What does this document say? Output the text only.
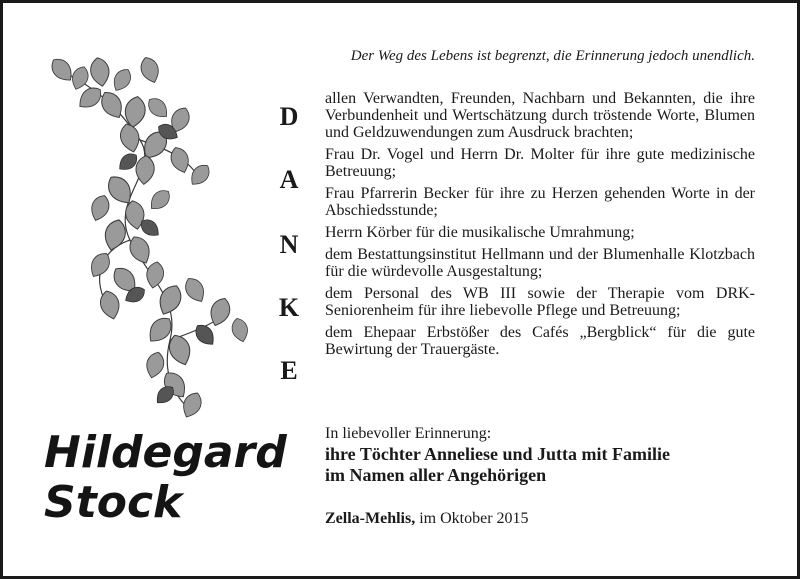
Der Weg des Lebens ist begrenzt, die Erinnerung jedoch unendlich.
D
A
N
K
E
allen Verwandten, Freunden, Nachbarn und Bekannten, die ihre Verbundenheit und Wertschätzung durch tröstende Worte, Blumen und Geldzuwendungen zum Ausdruck brachten;
Frau Dr. Vogel und Herrn Dr. Molter für ihre gute medizinische Betreuung;
Frau Pfarrerin Becker für ihre zu Herzen gehenden Worte in der Abschiedsstunde;
Herrn Körber für die musikalische Umrahmung;
dem Bestattungsinstitut Hellmann und der Blumenhalle Klotzbach für die würdevolle Ausgestaltung;
dem Personal des WB III sowie der Therapie vom DRK-Seniorenheim für ihre liebevolle Pflege und Betreuung;
dem Ehepaar Erbstößer des Cafés „Bergblick“ für die gute Bewirtung der Trauergäste.
Hildegard
Stock
In liebevoller Erinnerung:
ihre Töchter Anneliese und Jutta mit Familie
im Namen aller Angehörigen
Zella-Mehlis, im Oktober 2015
